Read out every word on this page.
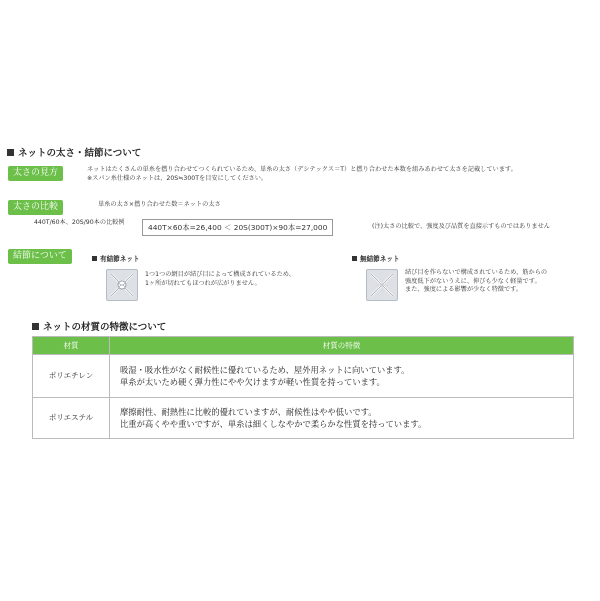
ネットの太さ・結節について
太さの見方	ネットはたくさんの単糸を撚り合わせてつくられているため、単糸の太さ（デシテックス＝T）と撚り合わせた本数を組みあわせて太さを記載しています。
※スパン糸仕様のネットは、20S≒300Tを目安にしてください。
太さの比較	単糸の太さ×撚り合わせた数＝ネットの太さ
440T/60本、20S/90本の比較例
440T×60本=26,400 ＜ 20S(300T)×90本=27,000	(注)太さの比較で、強度及び品質を直接示すものではありません
結節について	有結節ネット
1つ1つの網目が結び目によって構成されているため、
1ヶ所が切れてもほつれが広がりません。
無結節ネット
結び目を作らないで構成されているため、筋からの
強度低下がないうえに、伸びも少なく軽量です。
また、強度による影響が少なく特徴です。
ネットの材質の特徴について
材質	材質の特徴
ポリエチレン	吸湿・吸水性がなく耐候性に優れているため、屋外用ネットに向いています。
単糸が太いため硬く弾力性にやや欠けますが軽い性質を持っています。

ポリエステル	摩擦耐性、耐熱性に比較的優れていますが、耐候性はやや低いです。
比重が高くやや重いですが、単糸は細くしなやかで柔らかな性質を持っています。
